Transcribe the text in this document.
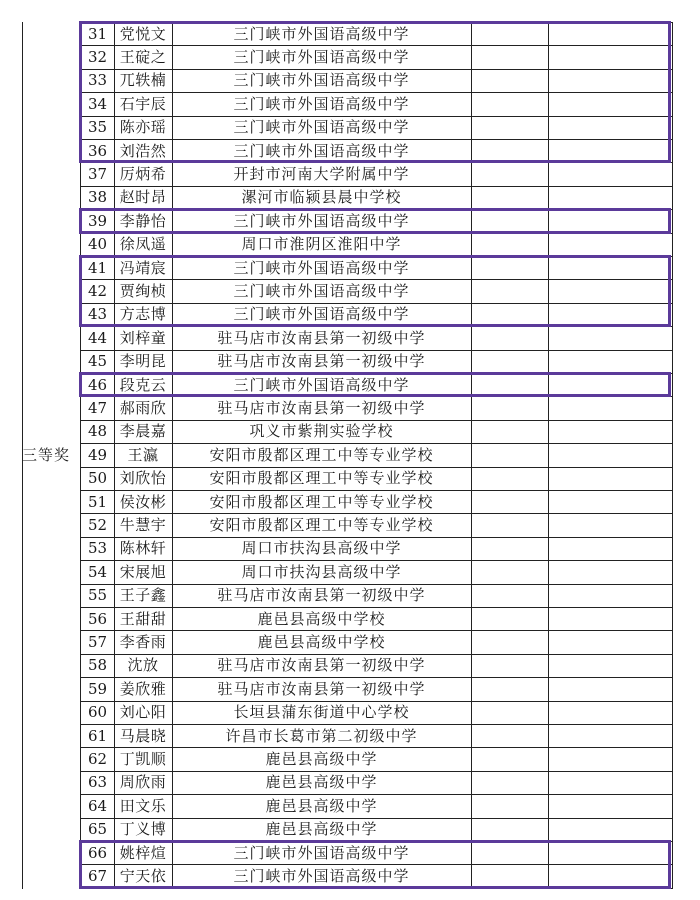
三等奖
31 党悦文	三门峡市外国语高级中学
32 王碇之	三门峡市外国语高级中学
33 兀轶楠	三门峡市外国语高级中学
34 石宇辰	三门峡市外国语高级中学
35 陈亦瑶	三门峡市外国语高级中学
36 刘浩然	三门峡市外国语高级中学
37 厉炳希	开封市河南大学附属中学
38 赵时昂	漯河市临颍县晨中学校
39 李静怡	三门峡市外国语高级中学
40 徐凤遥	周口市淮阴区淮阳中学
41 冯靖宸	三门峡市外国语高级中学
42 贾绚桢	三门峡市外国语高级中学
43 方志博	三门峡市外国语高级中学
44 刘梓童	驻马店市汝南县第一初级中学
45 李明昆	驻马店市汝南县第一初级中学
46 段克云	三门峡市外国语高级中学
47 郝雨欣	驻马店市汝南县第一初级中学
48 李晨嘉	巩义市紫荆实验学校
49	王瀛	安阳市殷都区理工中等专业学校
50 刘欣怡	安阳市殷都区理工中等专业学校
51 侯汝彬	安阳市殷都区理工中等专业学校
52 牛慧宇	安阳市殷都区理工中等专业学校
53 陈林轩	周口市扶沟县高级中学
54 宋展旭	周口市扶沟县高级中学
55 王子鑫	驻马店市汝南县第一初级中学
56 王甜甜	鹿邑县高级中学校
57 李香雨	鹿邑县高级中学校
58	沈放	驻马店市汝南县第一初级中学
59 姜欣雅	驻马店市汝南县第一初级中学
60 刘心阳	长垣县蒲东街道中心学校
61 马晨晓	许昌市长葛市第二初级中学
62 丁凯顺	鹿邑县高级中学
63 周欣雨	鹿邑县高级中学
64 田文乐	鹿邑县高级中学
65 丁义博	鹿邑县高级中学
66 姚梓煊	三门峡市外国语高级中学
67 宁天依	三门峡市外国语高级中学
